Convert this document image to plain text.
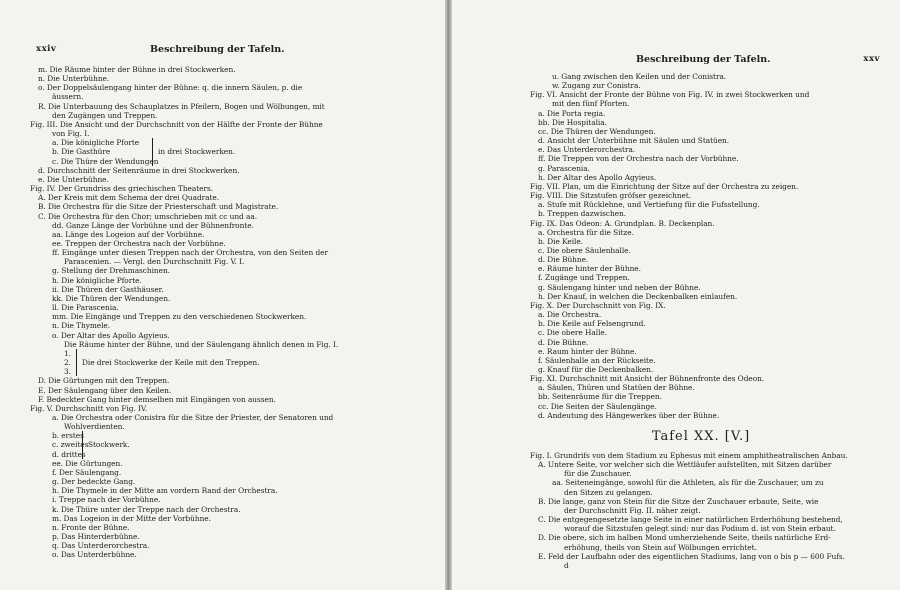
xxiv	Beschreibung der Tafeln.
m. Die Räume hinter der Bühne in drei Stockwerken.
n. Die Unterbühne.
o. Der Doppelsäulengang hinter der Bühne: q. die innern Säulen, p. die
äussern.
R. Die Unterbauung des Schauplatzes in Pfeilern, Bogen und Wölbungen, mit
den Zugängen und Treppen.
Fig. III. Die Ansicht und der Durchschnitt von der Hälfte der Fronte der Bühne
von Fig. I.
in drei Stockwerken.
a. Die königliche Pforte
b. Die Gasthüre
c. Die Thüre der Wendungen
d. Durchschnitt der Seitenräume in drei Stockwerken.
e. Die Unterbühne.
Fig. IV. Der Grundriss des griechischen Theaters.
A. Der Kreis mit dem Schema der drei Quadrate.
B. Die Orchestra für die Sitze der Priesterschaft und Magistrate.
C. Die Orchestra für den Chor; umschrieben mit cc und aa.
dd. Ganze Länge der Vorbühne und der Bühnenfronte.
aa. Länge des Logeion auf der Vorbühne.
ee. Treppen der Orchestra nach der Vorbühne.
ff. Eingänge unter diesen Treppen nach der Orchestra, von den Seiten der
Parascenien. — Vergl. den Durchschnitt Fig. V. I.
g. Stellung der Drehmaschinen.
h. Die königliche Pforte.
ii. Die Thüren der Gasthäuser.
kk. Die Thüren der Wendungen.
ll. Die Parascenia.
mm. Die Eingänge und Treppen zu den verschiedenen Stockwerken.
n. Die Thymele.
o. Der Altar des Apollo Agyieus.
Die Räume hinter der Bühne, und der Säulengang ähnlich denen in Fig. I.
Die drei Stockwerke der Keile mit den Treppen.
1.
2.
3.
D. Die Gürtungen mit den Treppen.
E. Der Säulengang über den Keilen.
F. Bedeckter Gang hinter demselben mit Eingängen von aussen.
Fig. V. Durchschnitt von Fig. IV.
a. Die Orchestra oder Conistra für die Sitze der Priester, der Senatoren und
Wohlverdienten.
Stockwerk.
b. erstes
c. zweites
d. drittes
ee. Die Gürtungen.
f. Der Säulengang.
g. Der bedeckte Gang.
h. Die Thymele in der Mitte am vordern Rand der Orchestra.
i. Treppe nach der Vorbühne.
k. Die Thüre unter der Treppe nach der Orchestra.
m. Das Logeion in der Mitte der Vorbühne.
n. Fronte der Bühne.
p. Das Hinterderbühne.
q. Das Unterderorchestra.
o. Das Unterderbühne.
Beschreibung der Tafeln.	xxv
u. Gang zwischen den Keilen und der Conistra.
w. Zugang zur Conistra.
Fig. VI. Ansicht der Fronte der Bühne von Fig. IV. in zwei Stockwerken und
mit den fünf Pforten.
a. Die Porta regia.
bb. Die Hospitalia.
cc. Die Thüren der Wendungen.
d. Ansicht der Unterbühne mit Säulen und Statüen.
e. Das Unterderorchestra.
ff. Die Treppen von der Orchestra nach der Vorbühne.
g. Parascenia.
h. Der Altar des Apollo Agyieus.
Fig. VII. Plan, um die Einrichtung der Sitze auf der Orchestra zu zeigen.
Fig. VIII. Die Sitzstufen gröfser gezeichnet.
a. Stufe mit Rücklehne, und Vertiefung für die Fufsstellung.
b. Treppen dazwischen.
Fig. IX. Das Odeon: A. Grundplan. B. Deckenplan.
a. Orchestra für die Sitze.
b. Die Keile.
c. Die obere Säulenhalle.
d. Die Bühne.
e. Räume hinter der Bühne.
f. Zugänge und Treppen.
g. Säulengang hinter und neben der Bühne.
h. Der Knauf, in welchen die Deckenbalken einlaufen.
Fig. X. Der Durchschnitt von Fig. IX.
a. Die Orchestra.
b. Die Keile auf Felsengrund.
c. Die obere Halle.
d. Die Bühne.
e. Raum hinter der Bühne.
f. Säulenhalle an der Rückseite.
g. Knauf für die Deckenbalken.
Fig. XI. Durchschnitt mit Ansicht der Bühnenfronte des Odeon.
a. Säulen, Thüren und Statüen der Bühne.
bb. Seitenräume für die Treppen.
cc. Die Seiten der Säulengänge.
d. Andeutung des Hängewerkes über der Bühne.
Tafel XX. [V.]
Fig. I. Grundrifs von dem Stadium zu Ephesus mit einem amphitheatralischen Anbau.
A. Untere Seite, vor welcher sich die Wettläufer aufstellten, mit Sitzen darüber
für die Zuschauer.
aa. Seiteneingänge, sowohl für die Athleten, als für die Zuschauer, um zu
den Sitzen zu gelangen.
B. Die lange, ganz von Stein für die Sitze der Zuschauer erbaute, Seite, wie
der Durchschnitt Fig. II. näher zeigt.
C. Die entgegengesetzte lange Seite in einer natürlichen Erderhöhung bestehend,
worauf die Sitzstufen gelegt sind: nur das Podium d. ist von Stein erbaut.
D. Die obere, sich im halben Mond umherziehende Seite, theils natürliche Erd-
erhöhung, theils von Stein auf Wölbungen errichtet.
E. Feld der Laufbahn oder des eigentlichen Stadiums, lang von o bis p — 600 Fufs.
d
